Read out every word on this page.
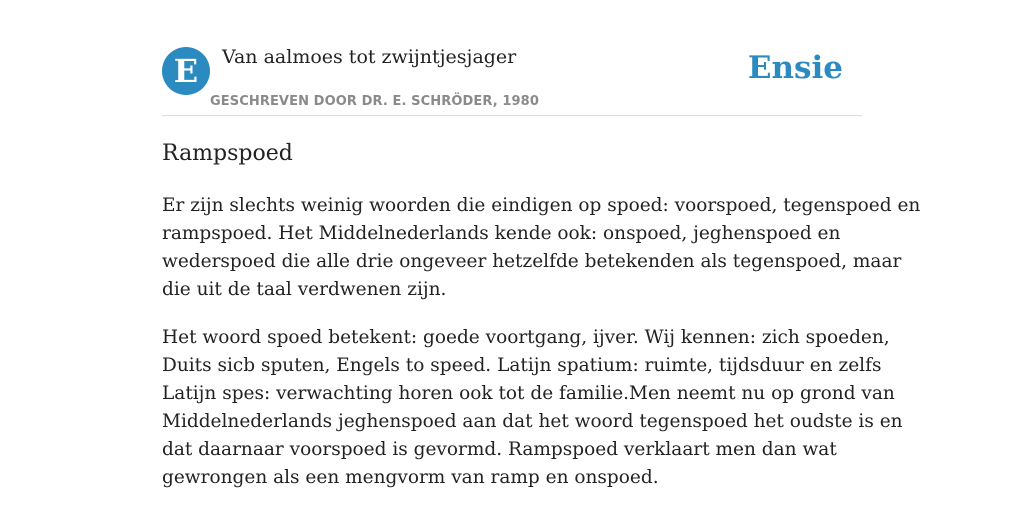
E	Van aalmoes tot zwijntjesjager
GESCHREVEN DOOR DR. E. SCHRÖDER, 1980
Ensie
Rampspoed

Er zijn slechts weinig woorden die eindigen op spoed: voorspoed, tegenspoed en
rampspoed. Het Middelnederlands kende ook: onspoed, jeghenspoed en
wederspoed die alle drie ongeveer hetzelfde betekenden als tegenspoed, maar
die uit de taal verdwenen zijn.

Het woord spoed betekent: goede voortgang, ijver. Wij kennen: zich spoeden,
Duits sicb sputen, Engels to speed. Latijn spatium: ruimte, tijdsduur en zelfs
Latijn spes: verwachting horen ook tot de familie.Men neemt nu op grond van
Middelnederlands jeghenspoed aan dat het woord tegenspoed het oudste is en
dat daarnaar voorspoed is gevormd. Rampspoed verklaart men dan wat
gewrongen als een mengvorm van ramp en onspoed.
